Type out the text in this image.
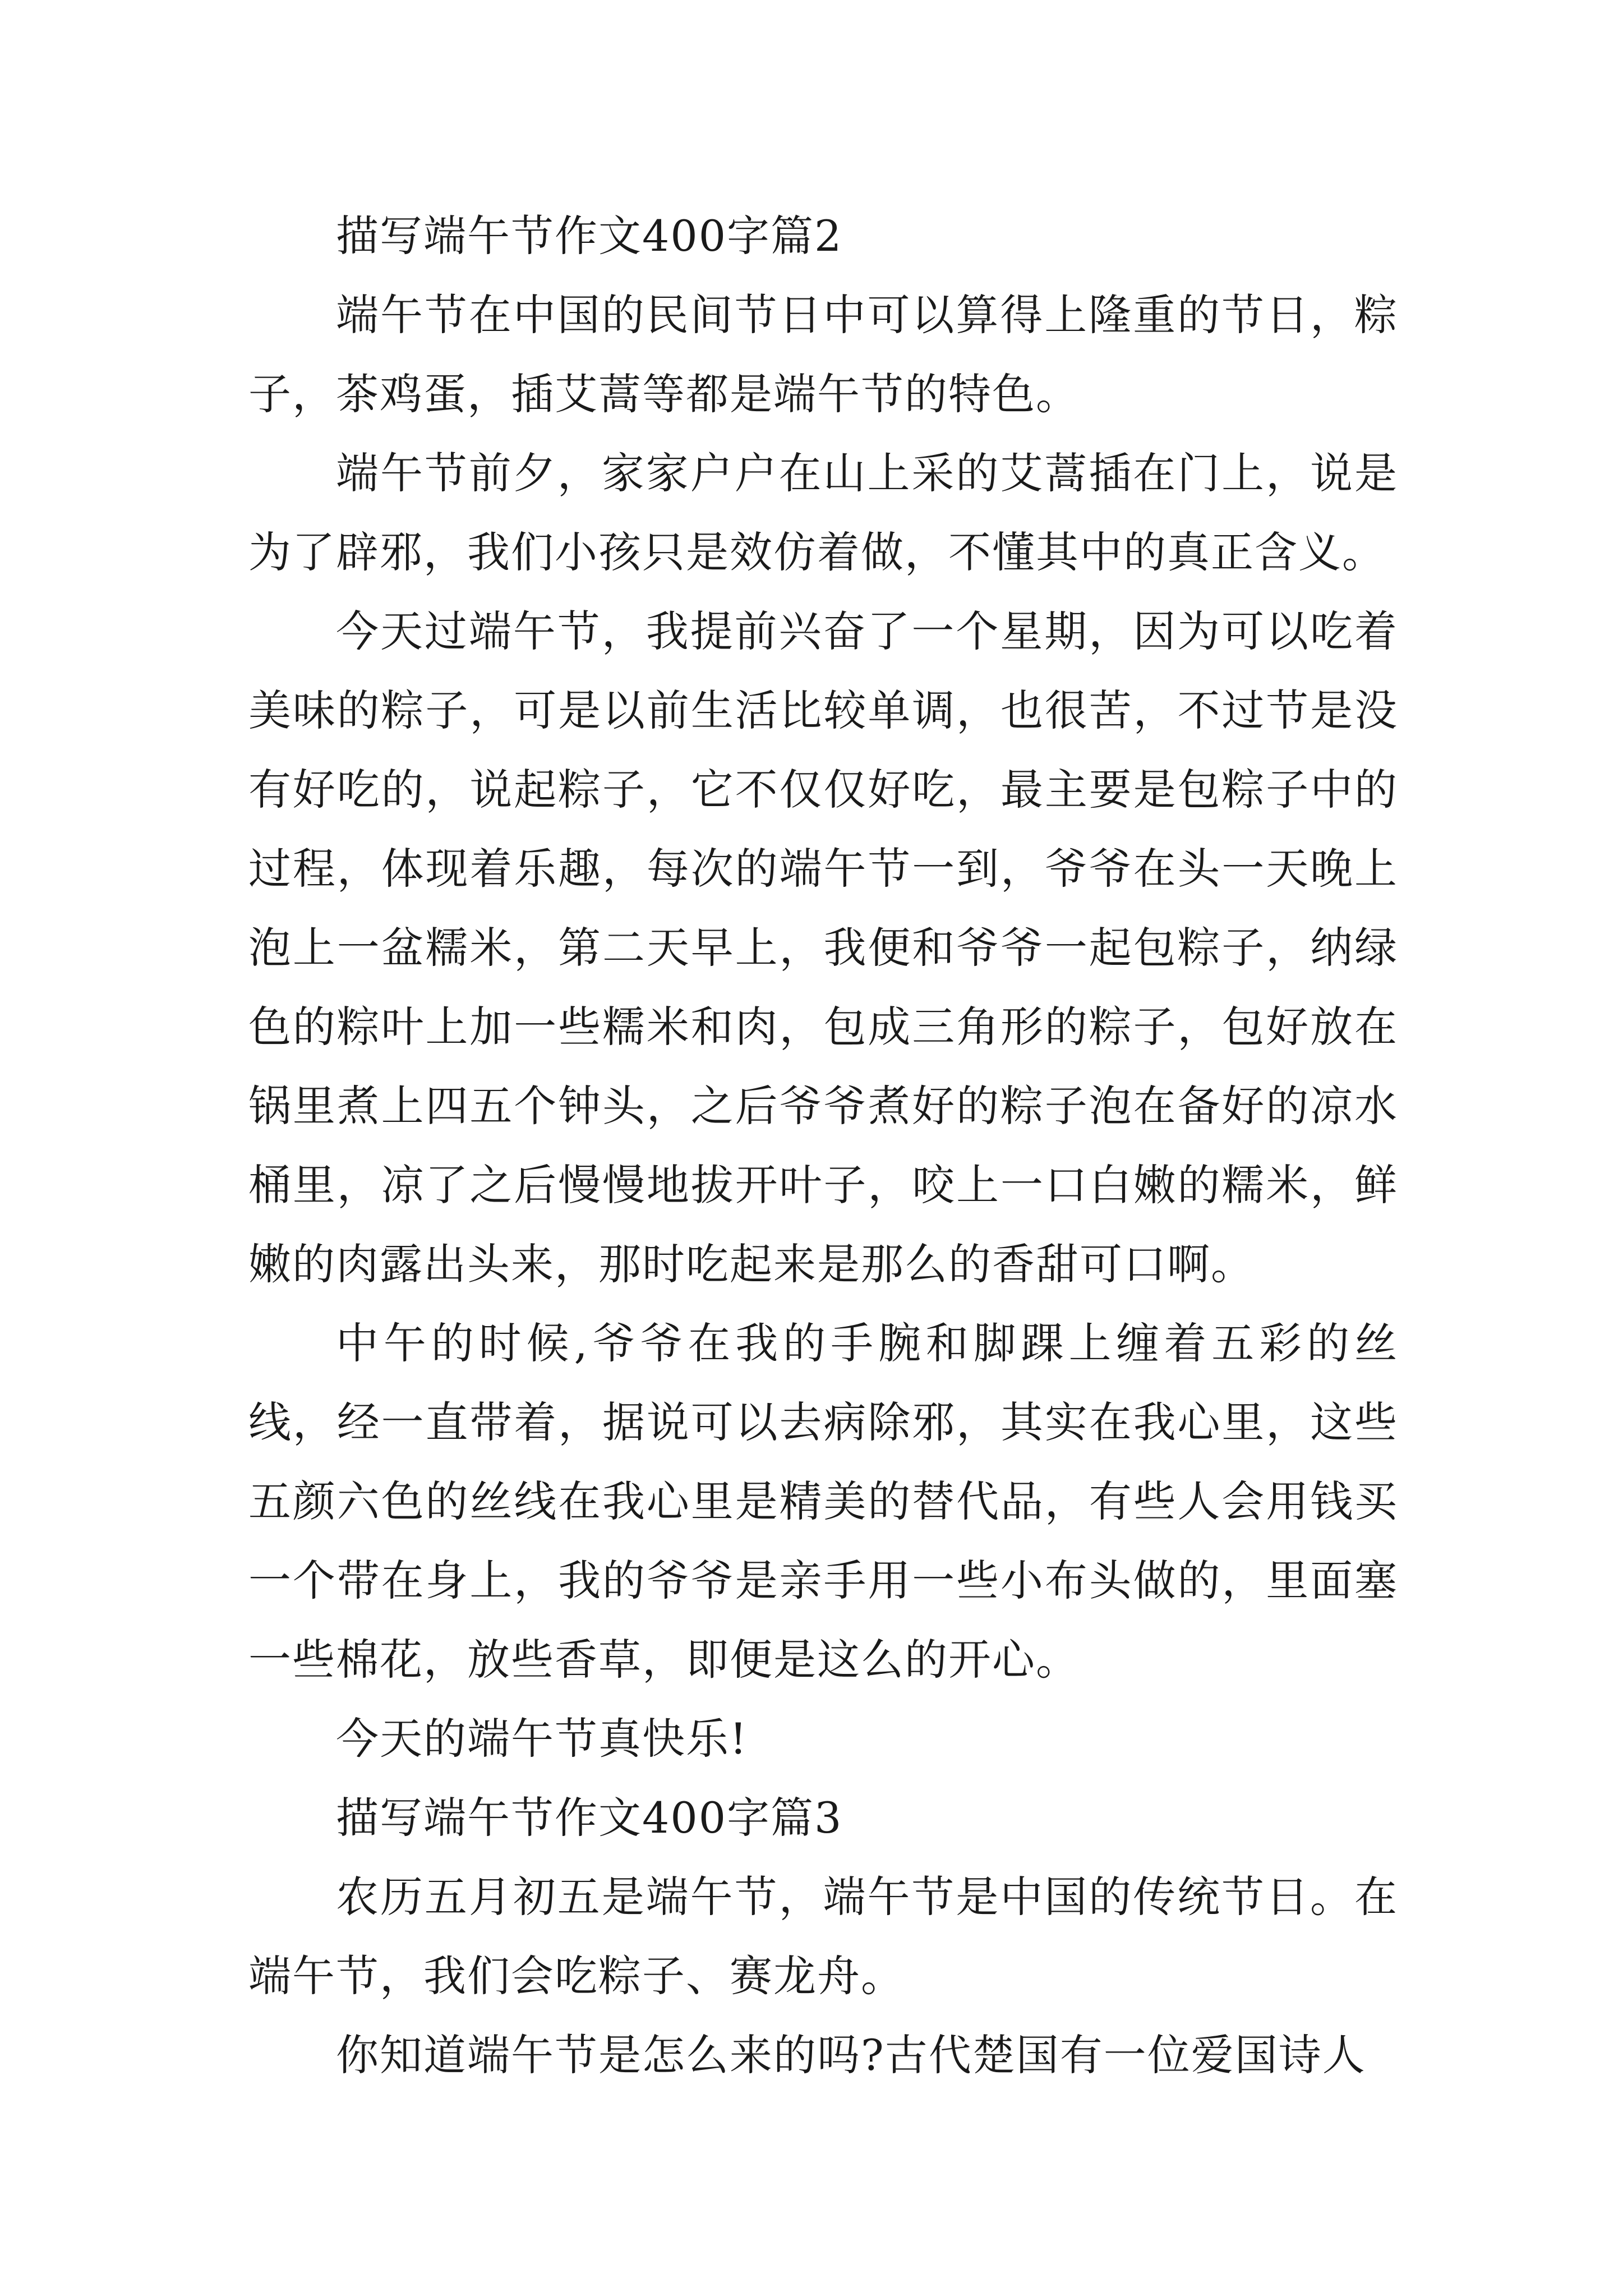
描写端午节作文400字篇2

端午节在中国的民间节日中可以算得上隆重的节日，粽子，茶鸡蛋，插艾蒿等都是端午节的特色。

端午节前夕，家家户户在山上采的艾蒿插在门上，说是为了辟邪，我们小孩只是效仿着做，不懂其中的真正含义。

今天过端午节，我提前兴奋了一个星期，因为可以吃着美味的粽子，可是以前生活比较单调，也很苦，不过节是没有好吃的，说起粽子，它不仅仅好吃，最主要是包粽子中的过程，体现着乐趣，每次的端午节一到，爷爷在头一天晚上泡上一盆糯米，第二天早上，我便和爷爷一起包粽子，纳绿色的粽叶上加一些糯米和肉，包成三角形的粽子，包好放在锅里煮上四五个钟头，之后爷爷煮好的粽子泡在备好的凉水桶里，凉了之后慢慢地拔开叶子，咬上一口白嫩的糯米，鲜嫩的肉露出头来，那时吃起来是那么的香甜可口啊。

中午的时候,爷爷在我的手腕和脚踝上缠着五彩的丝线，经一直带着，据说可以去病除邪，其实在我心里，这些五颜六色的丝线在我心里是精美的替代品，有些人会用钱买一个带在身上，我的爷爷是亲手用一些小布头做的，里面塞一些棉花，放些香草，即便是这么的开心。

今天的端午节真快乐!

描写端午节作文400字篇3

农历五月初五是端午节，端午节是中国的传统节日。在端午节，我们会吃粽子、赛龙舟。

你知道端午节是怎么来的吗?古代楚国有一位爱国诗人
